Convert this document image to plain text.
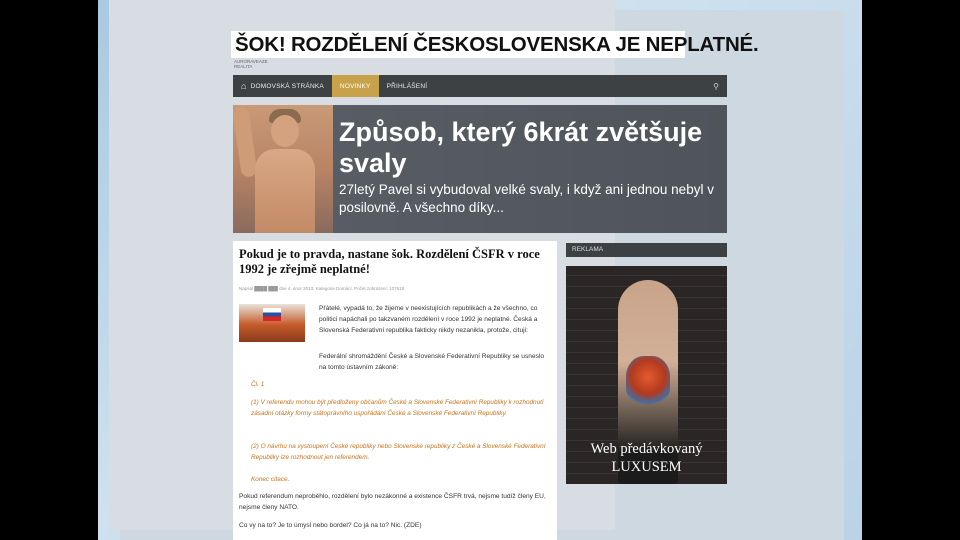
ŠOK! ROZDĚLENÍ ČESKOSLOVENSKA JE NEPLATNÉ.
AURORAVEAZE
REALITA
⌂ DOMOVSKÁ STRÁNKA	NOVINKY	PŘIHLÁŠENÍ	⚲
Způsob, který 6krát zvětšuje svaly
27letý Pavel si vybudoval velké svaly, i když ani jednou nebyl v posilovně. A všechno díky...
Pokud je to pravda, nastane šok. Rozdělení ČSFR v roce 1992 je zřejmě neplatné!
Napsal ████ ███ dne 4. únor 2013. Kategorie Domácí. Počet zobrazení: 107618
Přátelé, vypadá to, že žijeme v neexistujících republikách a že všechno, co politici napáchali po takzvaném rozdělení v roce 1992 je neplatné. Česká a Slovenská Federativní republika fakticky nikdy nezanikla, protože, cituji:
Federální shromáždění České a Slovenské Federativní Republiky se usneslo na tomto ústavním zákoně:
Čl. 1
(1) V referendu mohou být předloženy občanům České a Slovenské Federativní Republiky k rozhodnutí zásadní otázky formy státoprávního uspořádání České a Slovenské Federativní Republiky.
(2) O návrhu na vystoupení České republiky nebo Slovenské republiky z České a Slovenské Federativní Republiky lze rozhodnout jen referendem.
Konec citace.
Pokud referendum neproběhlo, rozdělení bylo nezákonné a existence ČSFR trvá, nejsme tudíž členy EU, nejsme členy NATO.
Co vy na to? Je to úmysl nebo bordel? Co já na to? Nic. (ZDE)
REKLAMA
Web předávkovaný LUXUSEM
